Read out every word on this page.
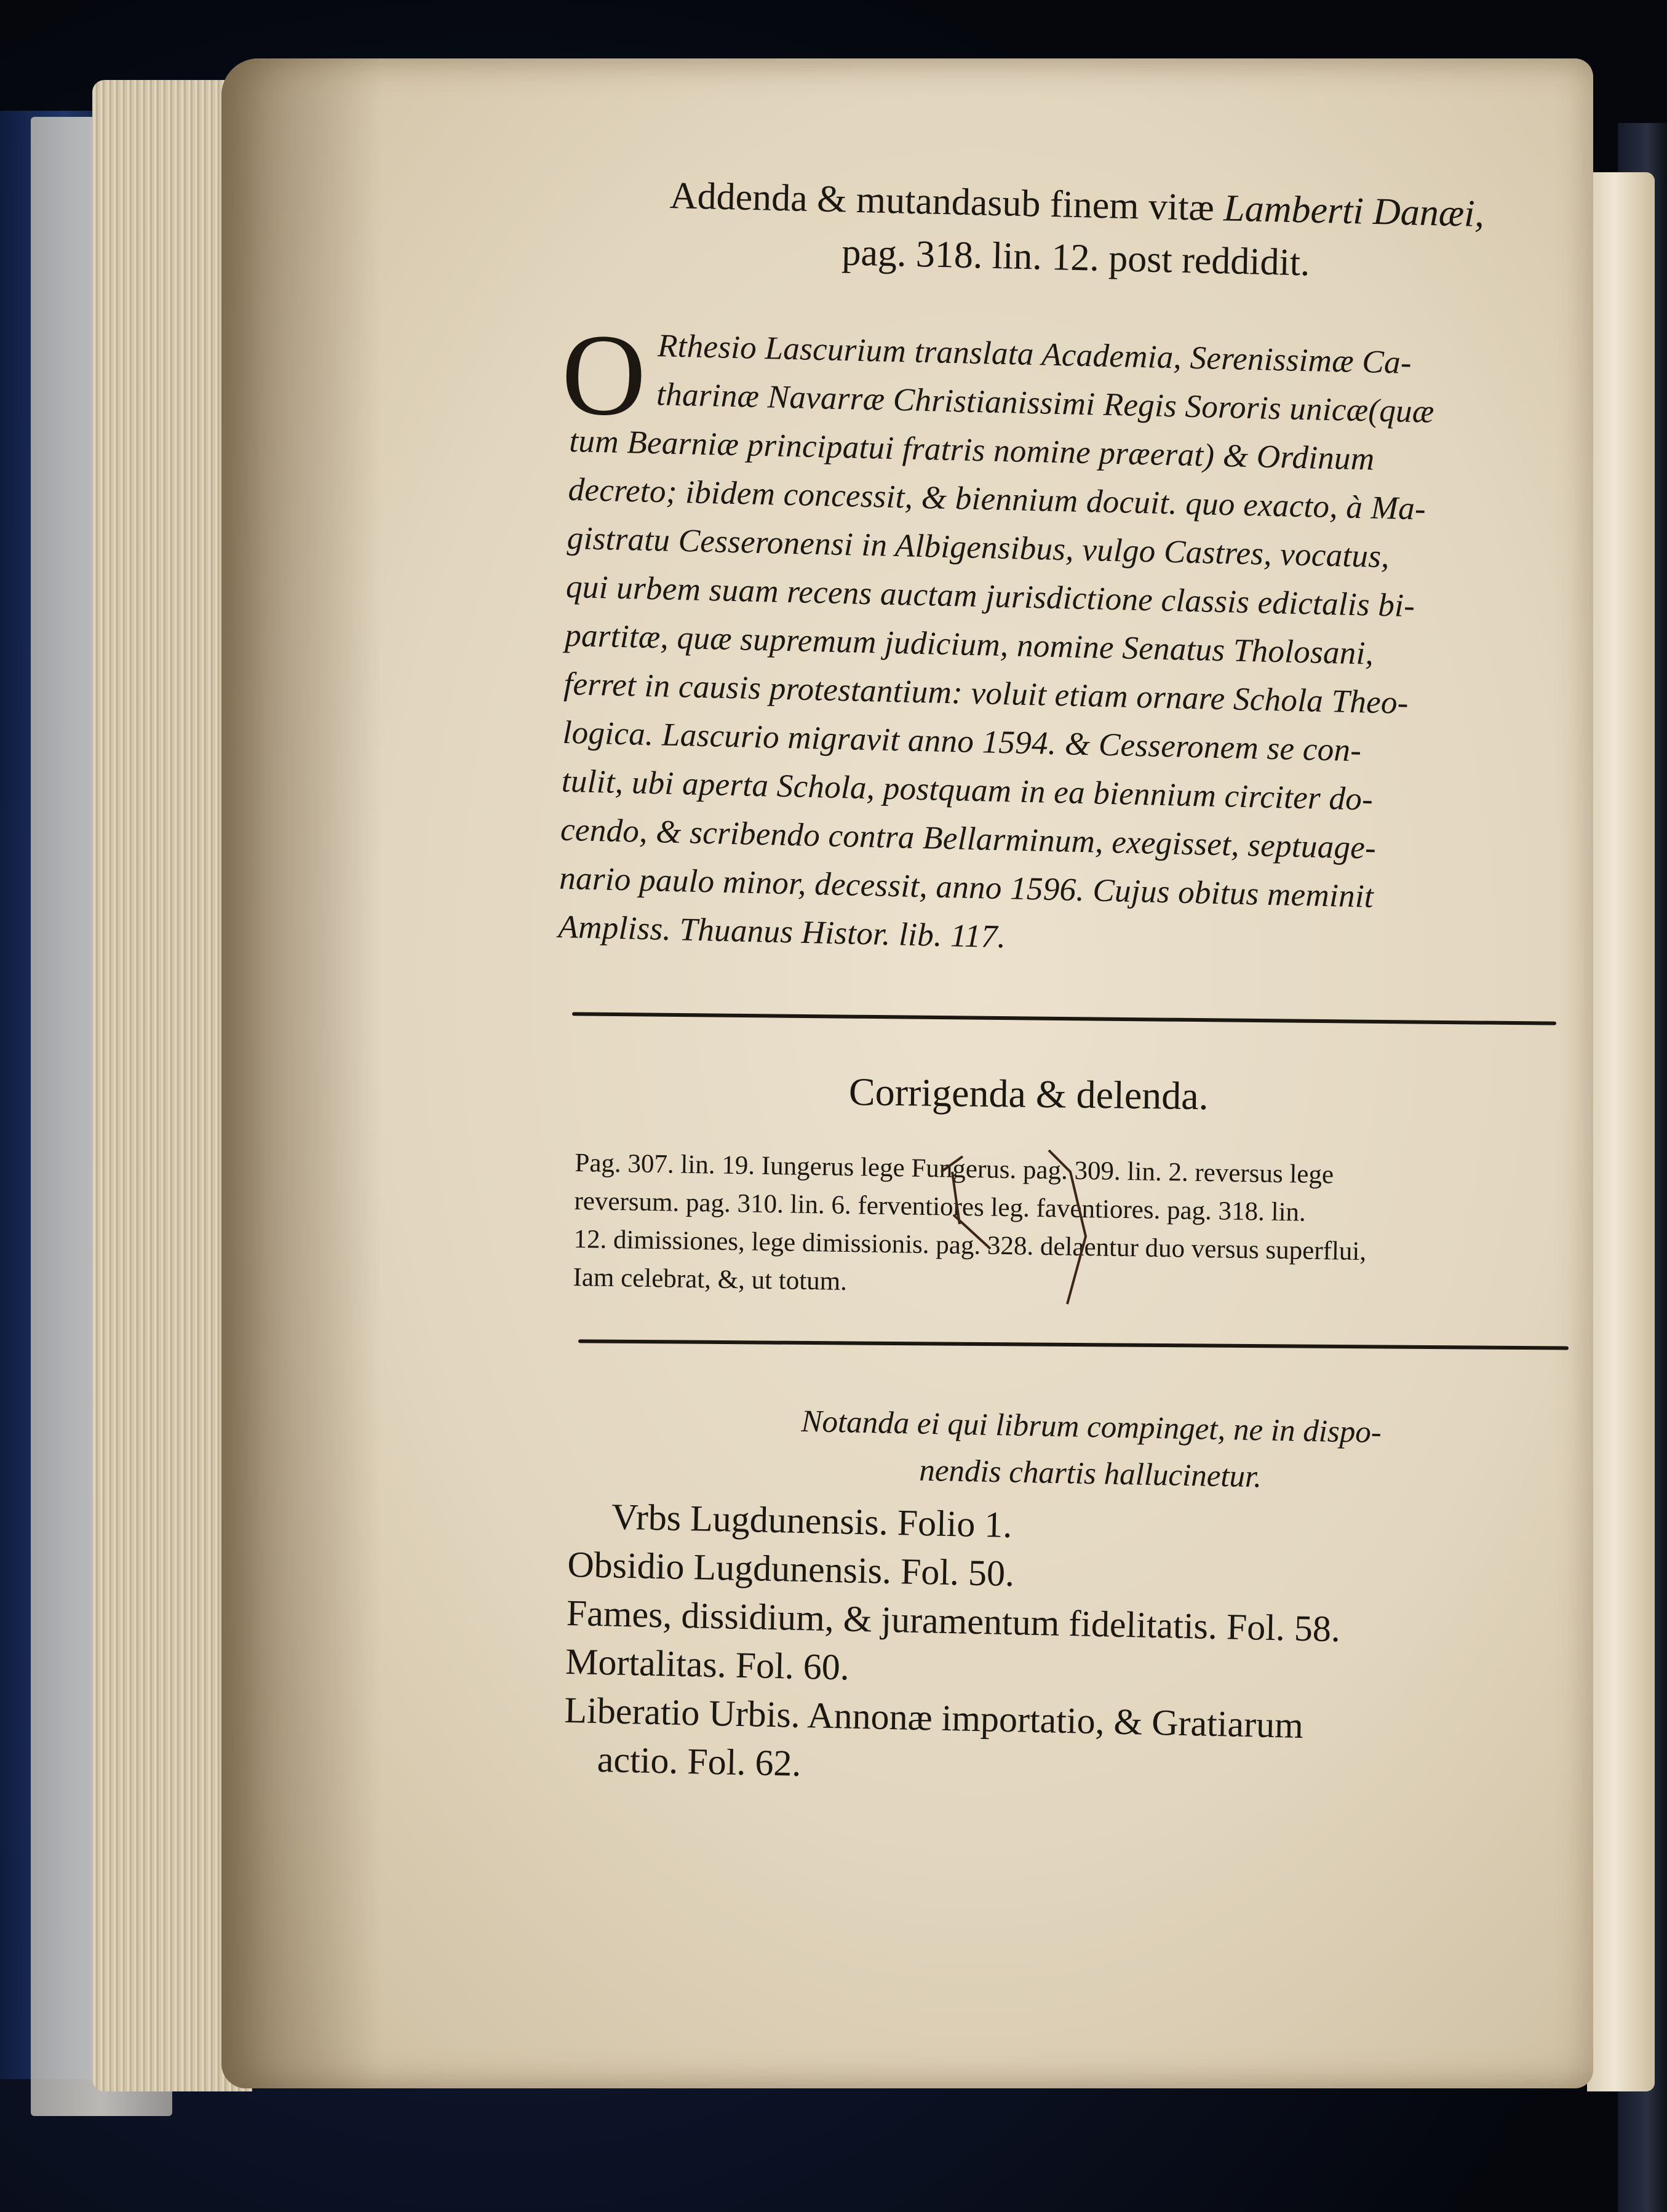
Addenda & mutandasub finem vitæ Lamberti Danæi,
pag. 318. lin. 12. post reddidit.
O Rthesio Lascurium translata Academia, Serenissimæ Ca-
tharinæ Navarræ Christianissimi Regis Sororis unicæ(quæ
tum Bearniæ principatui fratris nomine præerat) & Ordinum
decreto; ibidem concessit, & biennium docuit. quo exacto, à Ma-
gistratu Cesseronensi in Albigensibus, vulgo Castres, vocatus,
qui urbem suam recens auctam jurisdictione classis edictalis bi-
partitæ, quæ supremum judicium, nomine Senatus Tholosani,
ferret in causis protestantium: voluit etiam ornare Schola Theo-
logica. Lascurio migravit anno 1594. & Cesseronem se con-
tulit, ubi aperta Schola, postquam in ea biennium circiter do-
cendo, & scribendo contra Bellarminum, exegisset, septuage-
nario paulo minor, decessit, anno 1596. Cujus obitus meminit
Ampliss. Thuanus Histor. lib. 117.
Corrigenda & delenda.
Pag. 307. lin. 19. Iungerus lege Fungerus. pag. 309. lin. 2. reversus lege
reversum. pag. 310. lin. 6. ferventiores leg. faventiores. pag. 318. lin.
12. dimissiones, lege dimissionis. pag. 328. delaentur duo versus superflui,
Iam celebrat, &, ut totum.
Notanda ei qui librum compinget, ne in dispo-
nendis chartis hallucinetur.
Vrbs Lugdunensis. Folio 1.
Obsidio Lugdunensis. Fol. 50.
Fames, dissidium, & juramentum fidelitatis. Fol. 58.
Mortalitas. Fol. 60.
Liberatio Urbis. Annonæ importatio, & Gratiarum
actio. Fol. 62.
